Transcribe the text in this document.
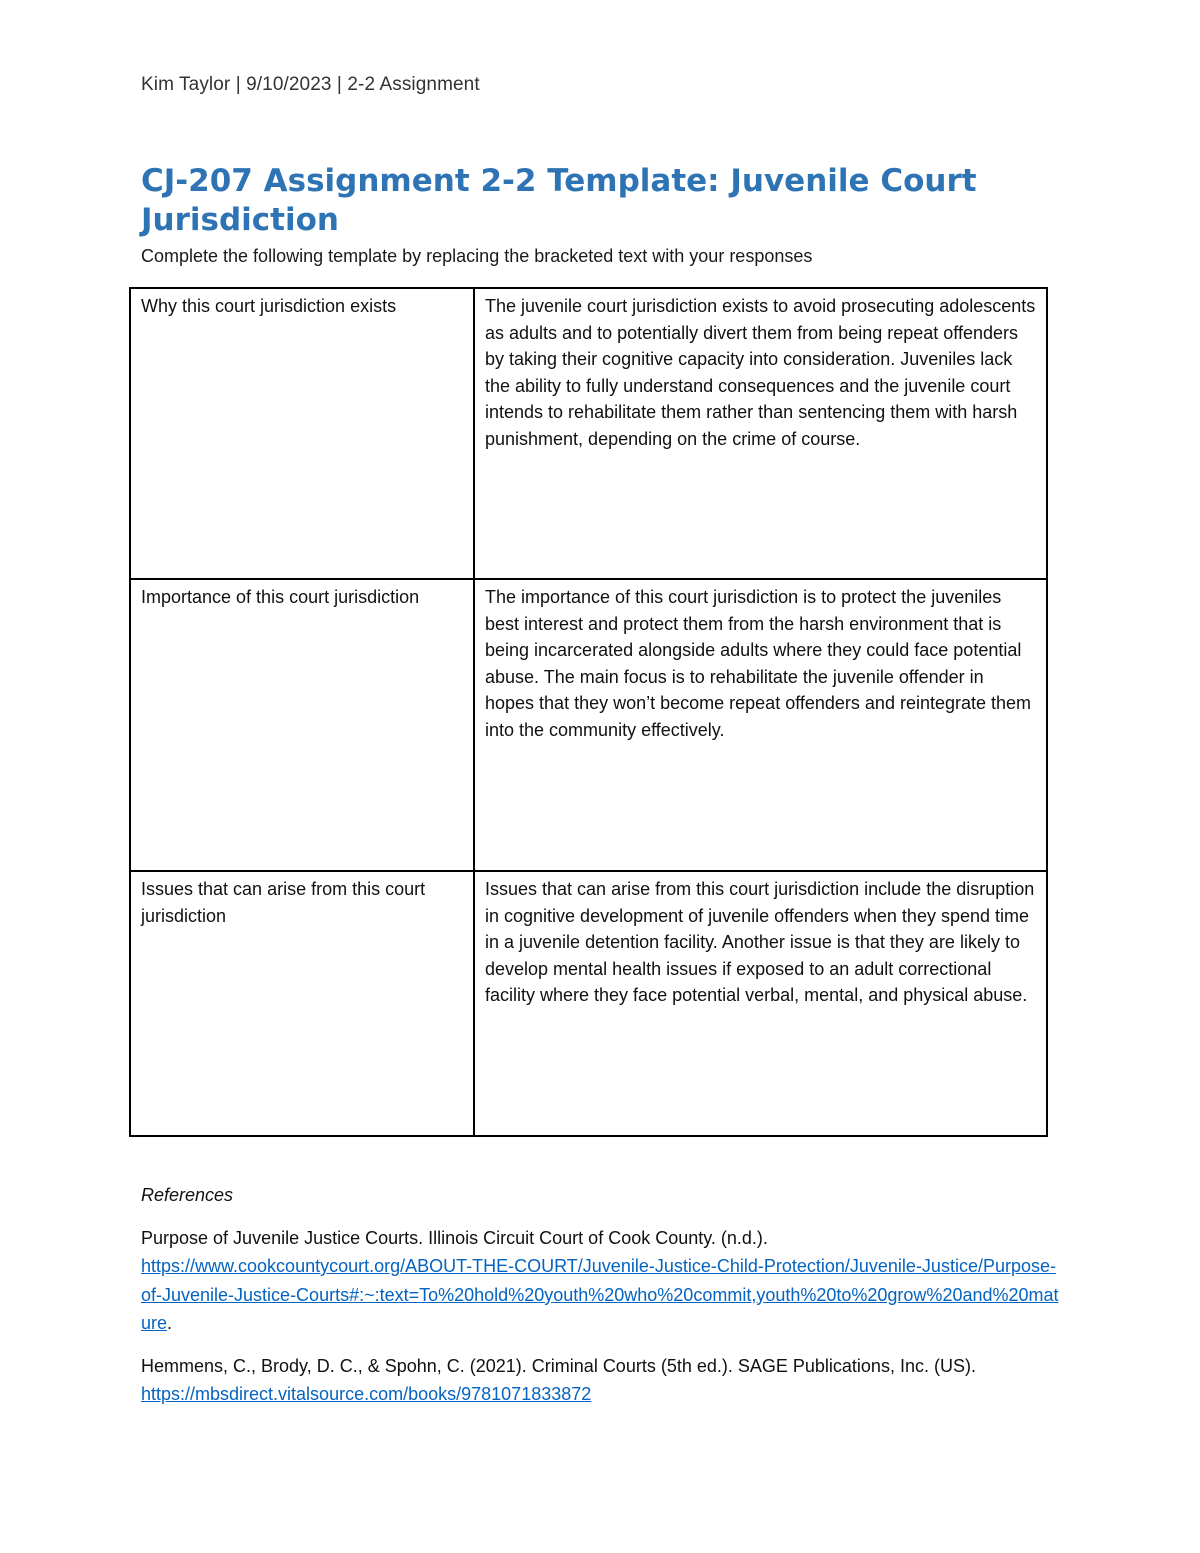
Kim Taylor | 9/10/2023 | 2-2 Assignment
CJ-207 Assignment 2-2 Template: Juvenile Court Jurisdiction
Complete the following template by replacing the bracketed text with your responses
Why this court jurisdiction exists	The juvenile court jurisdiction exists to avoid prosecuting adolescents as adults and to potentially divert them from being repeat offenders by taking their cognitive capacity into consideration. Juveniles lack the ability to fully understand consequences and the juvenile court intends to rehabilitate them rather than sentencing them with harsh punishment, depending on the crime of course.
Importance of this court jurisdiction	The importance of this court jurisdiction is to protect the juveniles best interest and protect them from the harsh environment that is being incarcerated alongside adults where they could face potential abuse. The main focus is to rehabilitate the juvenile offender in hopes that they won’t become repeat offenders and reintegrate them into the community effectively.
Issues that can arise from this court jurisdiction	Issues that can arise from this court jurisdiction include the disruption in cognitive development of juvenile offenders when they spend time in a juvenile detention facility. Another issue is that they are likely to develop mental health issues if exposed to an adult correctional facility where they face potential verbal, mental, and physical abuse.

References

Purpose of Juvenile Justice Courts. Illinois Circuit Court of Cook County. (n.d.).
https://www.cookcountycourt.org/ABOUT-THE-COURT/Juvenile-Justice-Child-Protection/Juvenile-Justice/Purpose-of-Juvenile-Justice-Courts#:~:text=To%20hold%20youth%20who%20commit,youth%20to%20grow%20and%20mature.

Hemmens, C., Brody, D. C., & Spohn, C. (2021). Criminal Courts (5th ed.). SAGE Publications, Inc. (US).
https://mbsdirect.vitalsource.com/books/9781071833872
